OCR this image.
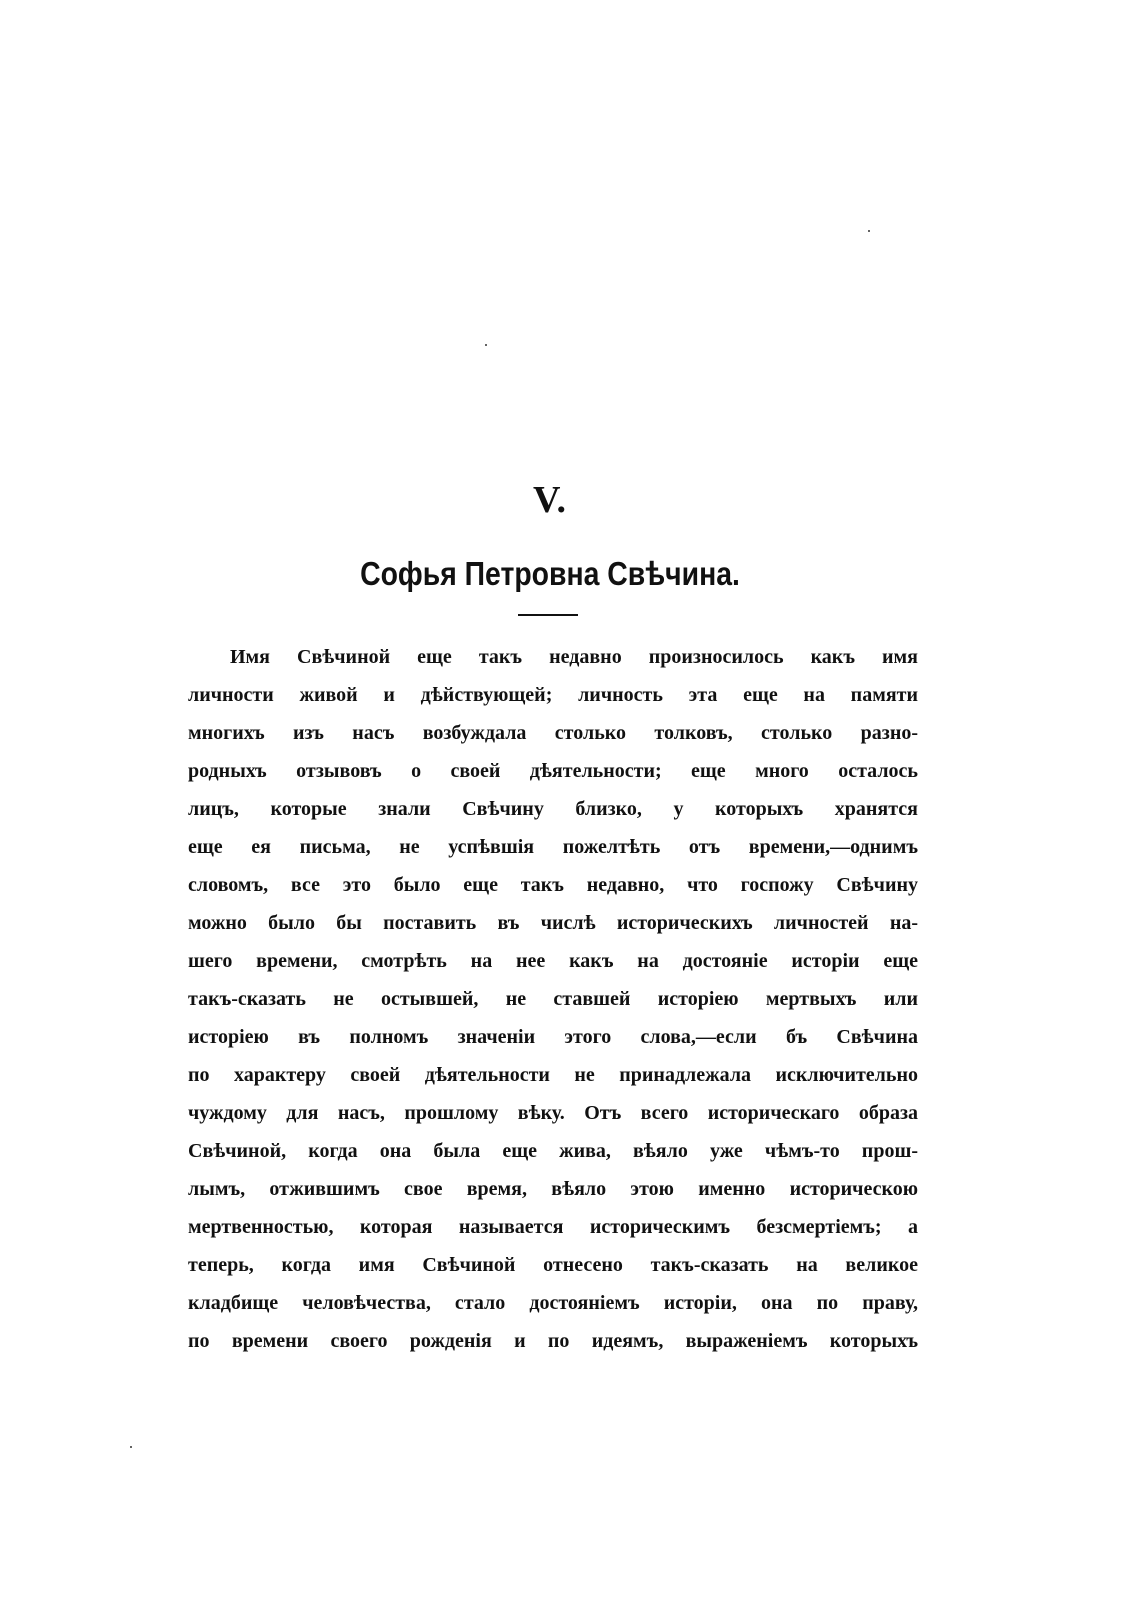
V.
Софья Петровна Свѣчина.
Имя Свѣчиной еще такъ недавно произносилось какъ имя
личности живой и дѣйствующей; личность эта еще на памяти
многихъ изъ насъ возбуждала столько толковъ, столько разно-
родныхъ отзывовъ о своей дѣятельности; еще много осталось
лицъ, которые знали Свѣчину близко, у которыхъ хранятся
еще ея письма, не успѣвшія пожелтѣть отъ времени,—однимъ
словомъ, все это было еще такъ недавно, что госпожу Свѣчину
можно было бы поставить въ числѣ историческихъ личностей на-
шего времени, смотрѣть на нее какъ на достояніе исторіи еще
такъ-сказать не остывшей, не ставшей исторіею мертвыхъ или
исторіею въ полномъ значеніи этого слова,—если бъ Свѣчина
по характеру своей дѣятельности не принадлежала исключительно
чуждому для насъ, прошлому вѣку. Отъ всего историческаго образа
Свѣчиной, когда она была еще жива, вѣяло уже чѣмъ-то прош-
лымъ, отжившимъ свое время, вѣяло этою именно историческою
мертвенностью, которая называется историческимъ безсмертіемъ; а
теперь, когда имя Свѣчиной отнесено такъ-сказать на великое
кладбище человѣчества, стало достояніемъ исторіи, она по праву,
по времени своего рожденія и по идеямъ, выраженіемъ которыхъ
